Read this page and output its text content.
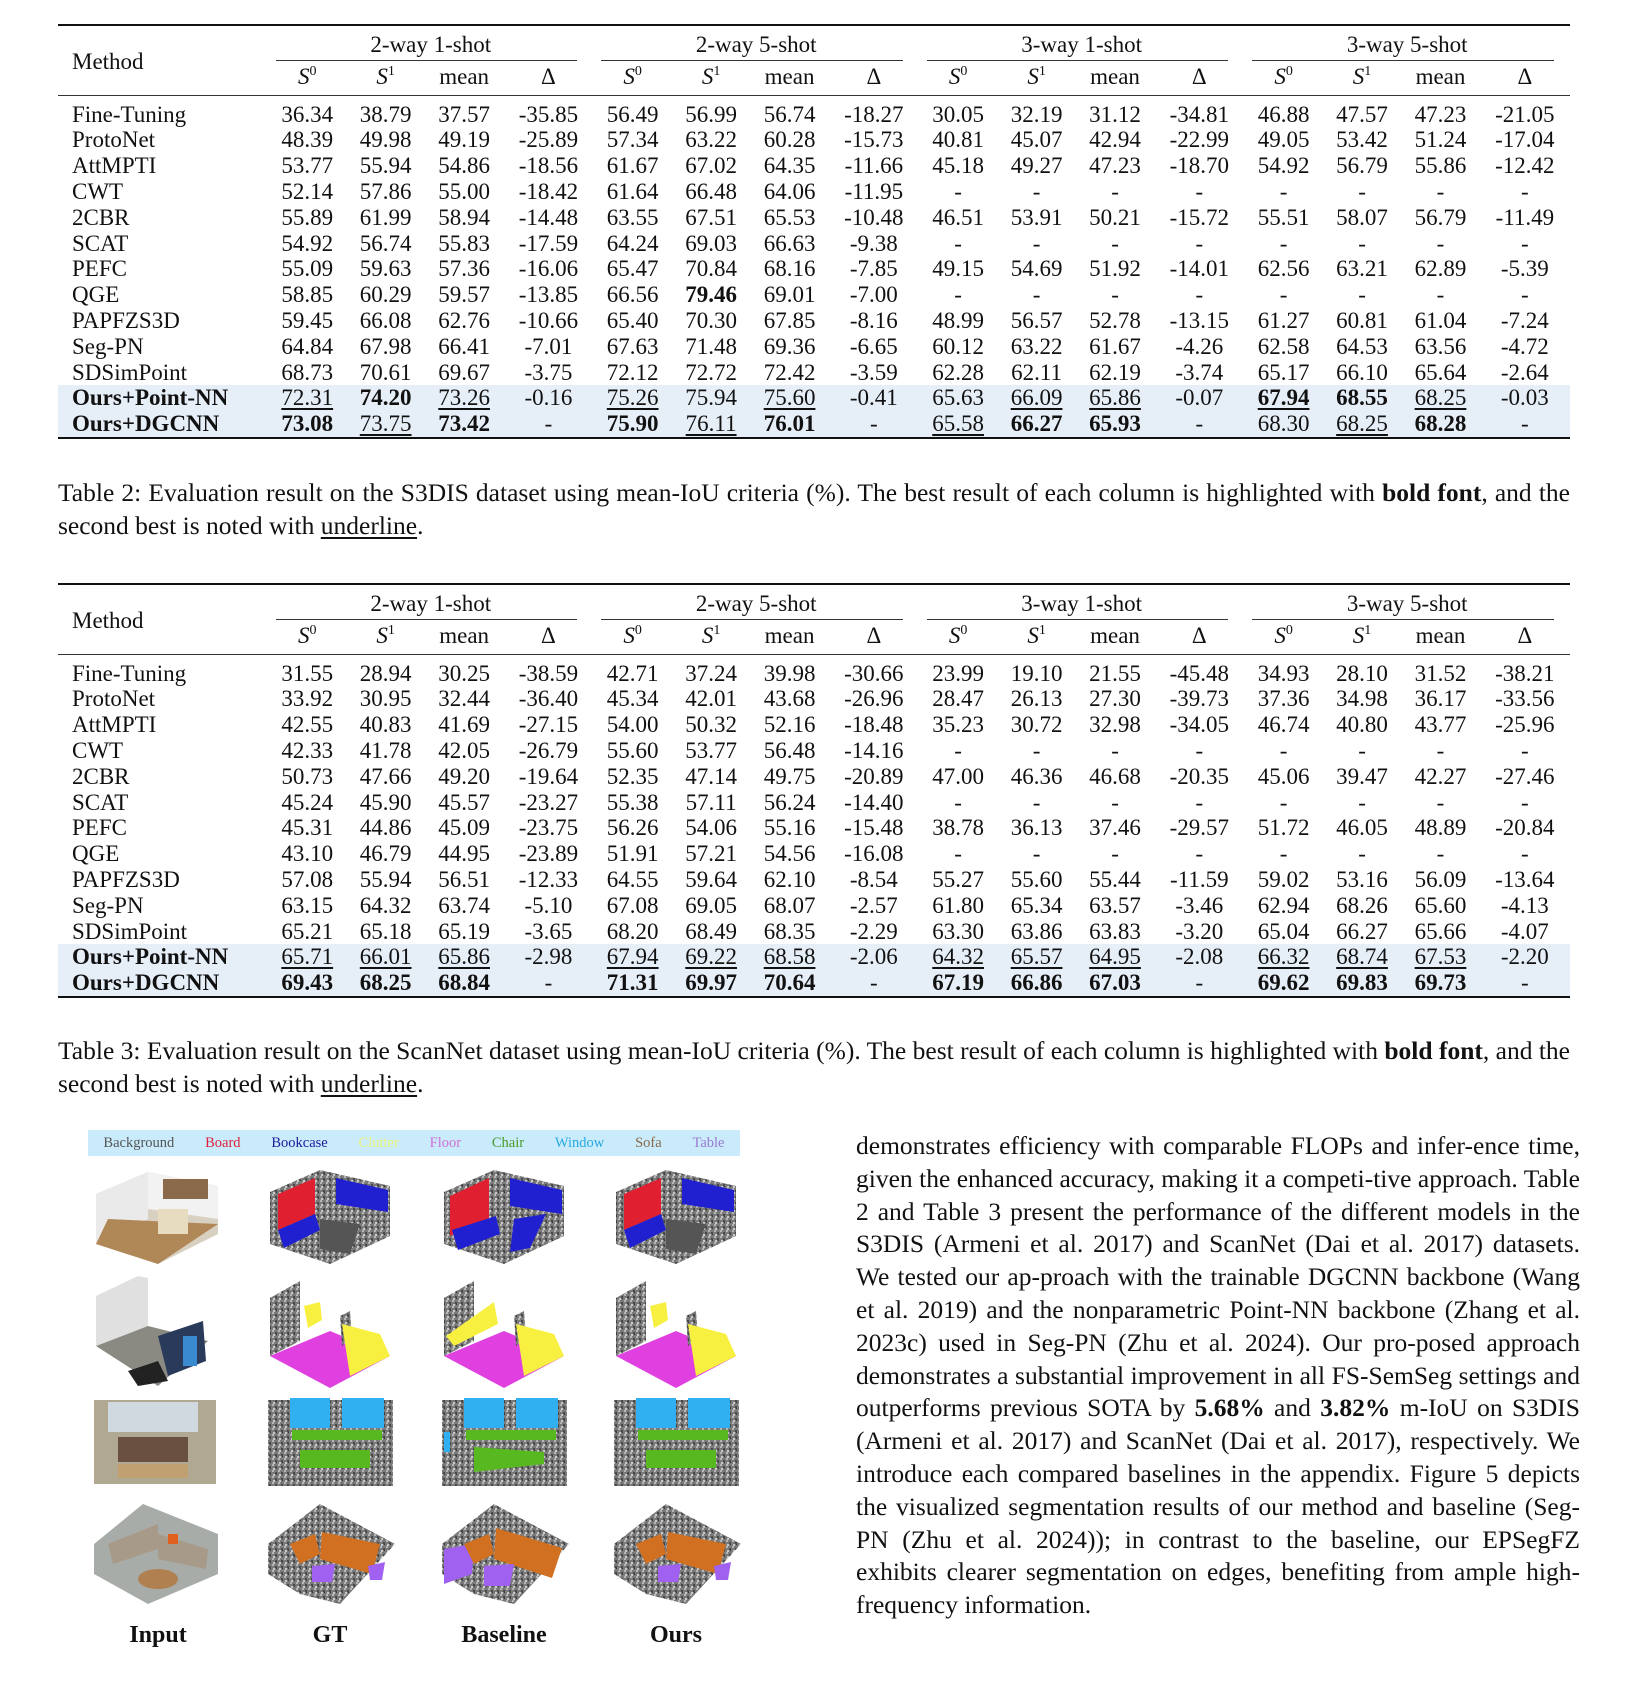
Method	2-way 1-shot				2-way 5-shot				3-way 1-shot				3-way 5-shot			

	$S^0$	$S^1$	mean	Δ	$S^0$	$S^1$	mean	Δ	$S^0$	$S^1$	mean	Δ	$S^0$	$S^1$	mean	Δ
Fine-Tuning	36.34	38.79	37.57	-35.85	56.49	56.99	56.74	-18.27	30.05	32.19	31.12	-34.81	46.88	47.57	47.23	-21.05
ProtoNet	48.39	49.98	49.19	-25.89	57.34	63.22	60.28	-15.73	40.81	45.07	42.94	-22.99	49.05	53.42	51.24	-17.04
AttMPTI	53.77	55.94	54.86	-18.56	61.67	67.02	64.35	-11.66	45.18	49.27	47.23	-18.70	54.92	56.79	55.86	-12.42
CWT	52.14	57.86	55.00	-18.42	61.64	66.48	64.06	-11.95	-	-	-	-	-	-	-	-
2CBR	55.89	61.99	58.94	-14.48	63.55	67.51	65.53	-10.48	46.51	53.91	50.21	-15.72	55.51	58.07	56.79	-11.49
SCAT	54.92	56.74	55.83	-17.59	64.24	69.03	66.63	-9.38	-	-	-	-	-	-	-	-
PEFC	55.09	59.63	57.36	-16.06	65.47	70.84	68.16	-7.85	49.15	54.69	51.92	-14.01	62.56	63.21	62.89	-5.39
QGE	58.85	60.29	59.57	-13.85	66.56	79.46	69.01	-7.00	-	-	-	-	-	-	-	-
PAPFZS3D	59.45	66.08	62.76	-10.66	65.40	70.30	67.85	-8.16	48.99	56.57	52.78	-13.15	61.27	60.81	61.04	-7.24
Seg-PN	64.84	67.98	66.41	-7.01	67.63	71.48	69.36	-6.65	60.12	63.22	61.67	-4.26	62.58	64.53	63.56	-4.72
SDSimPoint	68.73	70.61	69.67	-3.75	72.12	72.72	72.42	-3.59	62.28	62.11	62.19	-3.74	65.17	66.10	65.64	-2.64
Ours+Point-NN	72.31	74.20	73.26	-0.16	75.26	75.94	75.60	-0.41	65.63	66.09	65.86	-0.07	67.94	68.55	68.25	-0.03
Ours+DGCNN	73.08	73.75	73.42	-	75.90	76.11	76.01	-	65.58	66.27	65.93	-	68.30	68.25	68.28	-
Table 2: Evaluation result on the S3DIS dataset using mean-IoU criteria (%). The best result of each column is highlighted with bold font, and the second best is noted with underline.
Method	2-way 1-shot				2-way 5-shot				3-way 1-shot				3-way 5-shot			

	$S^0$	$S^1$	mean	Δ	$S^0$	$S^1$	mean	Δ	$S^0$	$S^1$	mean	Δ	$S^0$	$S^1$	mean	Δ
Fine-Tuning	31.55	28.94	30.25	-38.59	42.71	37.24	39.98	-30.66	23.99	19.10	21.55	-45.48	34.93	28.10	31.52	-38.21
ProtoNet	33.92	30.95	32.44	-36.40	45.34	42.01	43.68	-26.96	28.47	26.13	27.30	-39.73	37.36	34.98	36.17	-33.56
AttMPTI	42.55	40.83	41.69	-27.15	54.00	50.32	52.16	-18.48	35.23	30.72	32.98	-34.05	46.74	40.80	43.77	-25.96
CWT	42.33	41.78	42.05	-26.79	55.60	53.77	56.48	-14.16	-	-	-	-	-	-	-	-
2CBR	50.73	47.66	49.20	-19.64	52.35	47.14	49.75	-20.89	47.00	46.36	46.68	-20.35	45.06	39.47	42.27	-27.46
SCAT	45.24	45.90	45.57	-23.27	55.38	57.11	56.24	-14.40	-	-	-	-	-	-	-	-
PEFC	45.31	44.86	45.09	-23.75	56.26	54.06	55.16	-15.48	38.78	36.13	37.46	-29.57	51.72	46.05	48.89	-20.84
QGE	43.10	46.79	44.95	-23.89	51.91	57.21	54.56	-16.08	-	-	-	-	-	-	-	-
PAPFZS3D	57.08	55.94	56.51	-12.33	64.55	59.64	62.10	-8.54	55.27	55.60	55.44	-11.59	59.02	53.16	56.09	-13.64
Seg-PN	63.15	64.32	63.74	-5.10	67.08	69.05	68.07	-2.57	61.80	65.34	63.57	-3.46	62.94	68.26	65.60	-4.13
SDSimPoint	65.21	65.18	65.19	-3.65	68.20	68.49	68.35	-2.29	63.30	63.86	63.83	-3.20	65.04	66.27	65.66	-4.07
Ours+Point-NN	65.71	66.01	65.86	-2.98	67.94	69.22	68.58	-2.06	64.32	65.57	64.95	-2.08	66.32	68.74	67.53	-2.20
Ours+DGCNN	69.43	68.25	68.84	-	71.31	69.97	70.64	-	67.19	66.86	67.03	-	69.62	69.83	69.73	-
Table 3: Evaluation result on the ScanNet dataset using mean-IoU criteria (%). The best result of each column is highlighted with bold font, and the second best is noted with underline.
Background Board Bookcase Clutter Floor Chair Window Sofa Table
Input	GT	Baseline	Ours

demonstrates efficiency with comparable FLOPs and infer-ence time, given the enhanced accuracy, making it a competi-tive approach. Table 2 and Table 3 present the performance of the different models in the S3DIS (Armeni et al. 2017) and ScanNet (Dai et al. 2017) datasets. We tested our ap-proach with the trainable DGCNN backbone (Wang et al. 2019) and the nonparametric Point-NN backbone (Zhang et al. 2023c) used in Seg-PN (Zhu et al. 2024). Our pro-posed approach demonstrates a substantial improvement in all FS-SemSeg settings and outperforms previous SOTA by 5.68% and 3.82% m-IoU on S3DIS (Armeni et al. 2017) and ScanNet (Dai et al. 2017), respectively. We introduce each compared baselines in the appendix. Figure 5 depicts the visualized segmentation results of our method and baseline (Seg-PN (Zhu et al. 2024)); in contrast to the baseline, our EPSegFZ exhibits clearer segmentation on edges, benefiting from ample high-frequency information.
